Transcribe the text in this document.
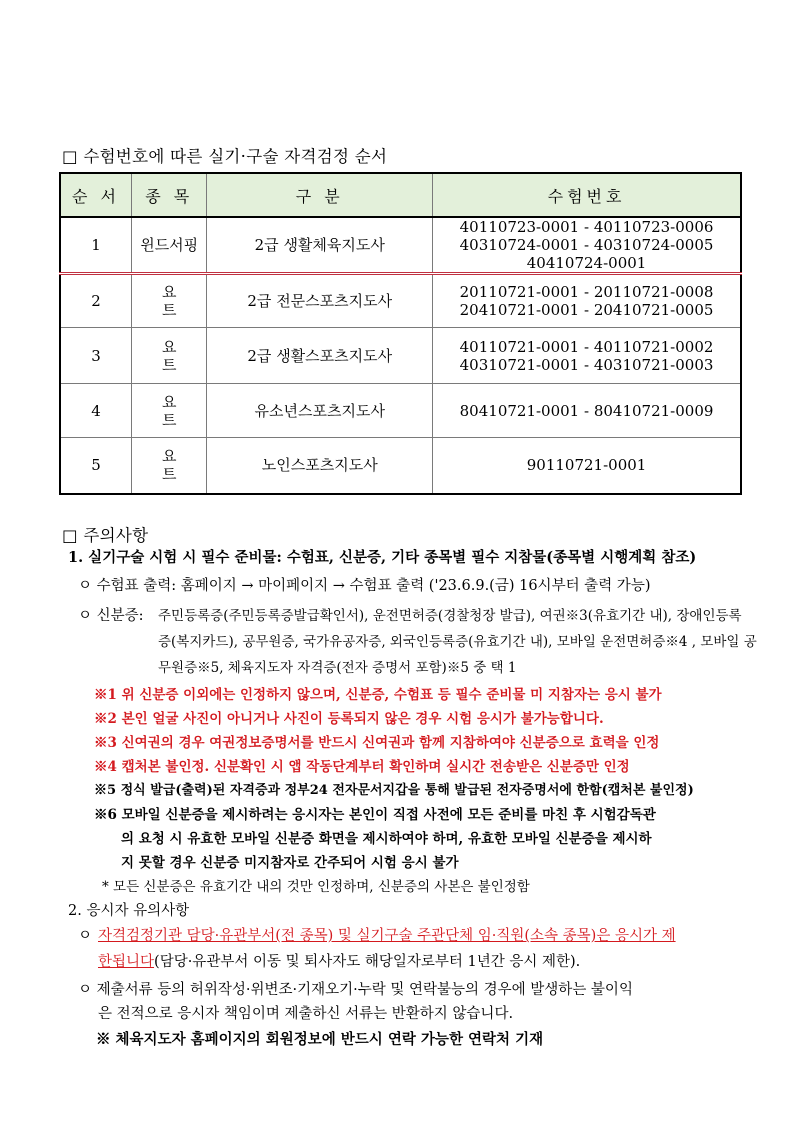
□ 수험번호에 따른 실기·구술 자격검정 순서
순 서	종 목	구 분	수험번호
1	윈드서핑	2급 생활체육지도사	40110723-0001 - 40110723-0006
40310724-0001 - 40310724-0005
40410724-0001

2	요 트	2급 전문스포츠지도사	20110721-0001 - 20110721-0008
20410721-0001 - 20410721-0005

3	요 트	2급 생활스포츠지도사	40110721-0001 - 40110721-0002
40310721-0001 - 40310721-0003

4	요 트	유소년스포츠지도사	80410721-0001 - 80410721-0009

5	요 트	노인스포츠지도사	90110721-0001
□ 주의사항
1. 실기구술 시험 시 필수 준비물: 수험표, 신분증, 기타 종목별 필수 지참물(종목별 시행계획 참조)
ㅇ 수험표 출력: 홈페이지 → 마이페이지 → 수험표 출력 ('23.6.9.(금) 16시부터 출력 가능)
ㅇ 신분증: 주민등록증(주민등록증발급확인서), 운전면허증(경찰청장 발급), 여권※3(유효기간 내), 장애인등록
증(복지카드), 공무원증, 국가유공자증, 외국인등록증(유효기간 내), 모바일 운전면허증※4 , 모바일 공
무원증※5, 체육지도자 자격증(전자 증명서 포함)※5 중 택 1
※1 위 신분증 이외에는 인정하지 않으며, 신분증, 수험표 등 필수 준비물 미 지참자는 응시 불가
※2 본인 얼굴 사진이 아니거나 사진이 등록되지 않은 경우 시험 응시가 불가능합니다.
※3 신여권의 경우 여권정보증명서를 반드시 신여권과 함께 지참하여야 신분증으로 효력을 인정
※4 캡처본 불인정. 신분확인 시 앱 작동단계부터 확인하며 실시간 전송받은 신분증만 인정
※5 정식 발급(출력)된 자격증과 정부24 전자문서지갑을 통해 발급된 전자증명서에 한함(캡처본 불인정)
※6 모바일 신분증을 제시하려는 응시자는 본인이 직접 사전에 모든 준비를 마친 후 시험감독관
의 요청 시 유효한 모바일 신분증 화면을 제시하여야 하며, 유효한 모바일 신분증을 제시하
지 못할 경우 신분증 미지참자로 간주되어 시험 응시 불가
* 모든 신분증은 유효기간 내의 것만 인정하며, 신분증의 사본은 불인정함
2. 응시자 유의사항
ㅇ 자격검정기관 담당·유관부서(전 종목) 및 실기구술 주관단체 임·직원(소속 종목)은 응시가 제
한됩니다(담당·유관부서 이동 및 퇴사자도 해당일자로부터 1년간 응시 제한).
ㅇ 제출서류 등의 허위작성·위변조·기재오기·누락 및 연락불능의 경우에 발생하는 불이익
은 전적으로 응시자 책임이며 제출하신 서류는 반환하지 않습니다.
※ 체육지도자 홈페이지의 회원정보에 반드시 연락 가능한 연락처 기재
